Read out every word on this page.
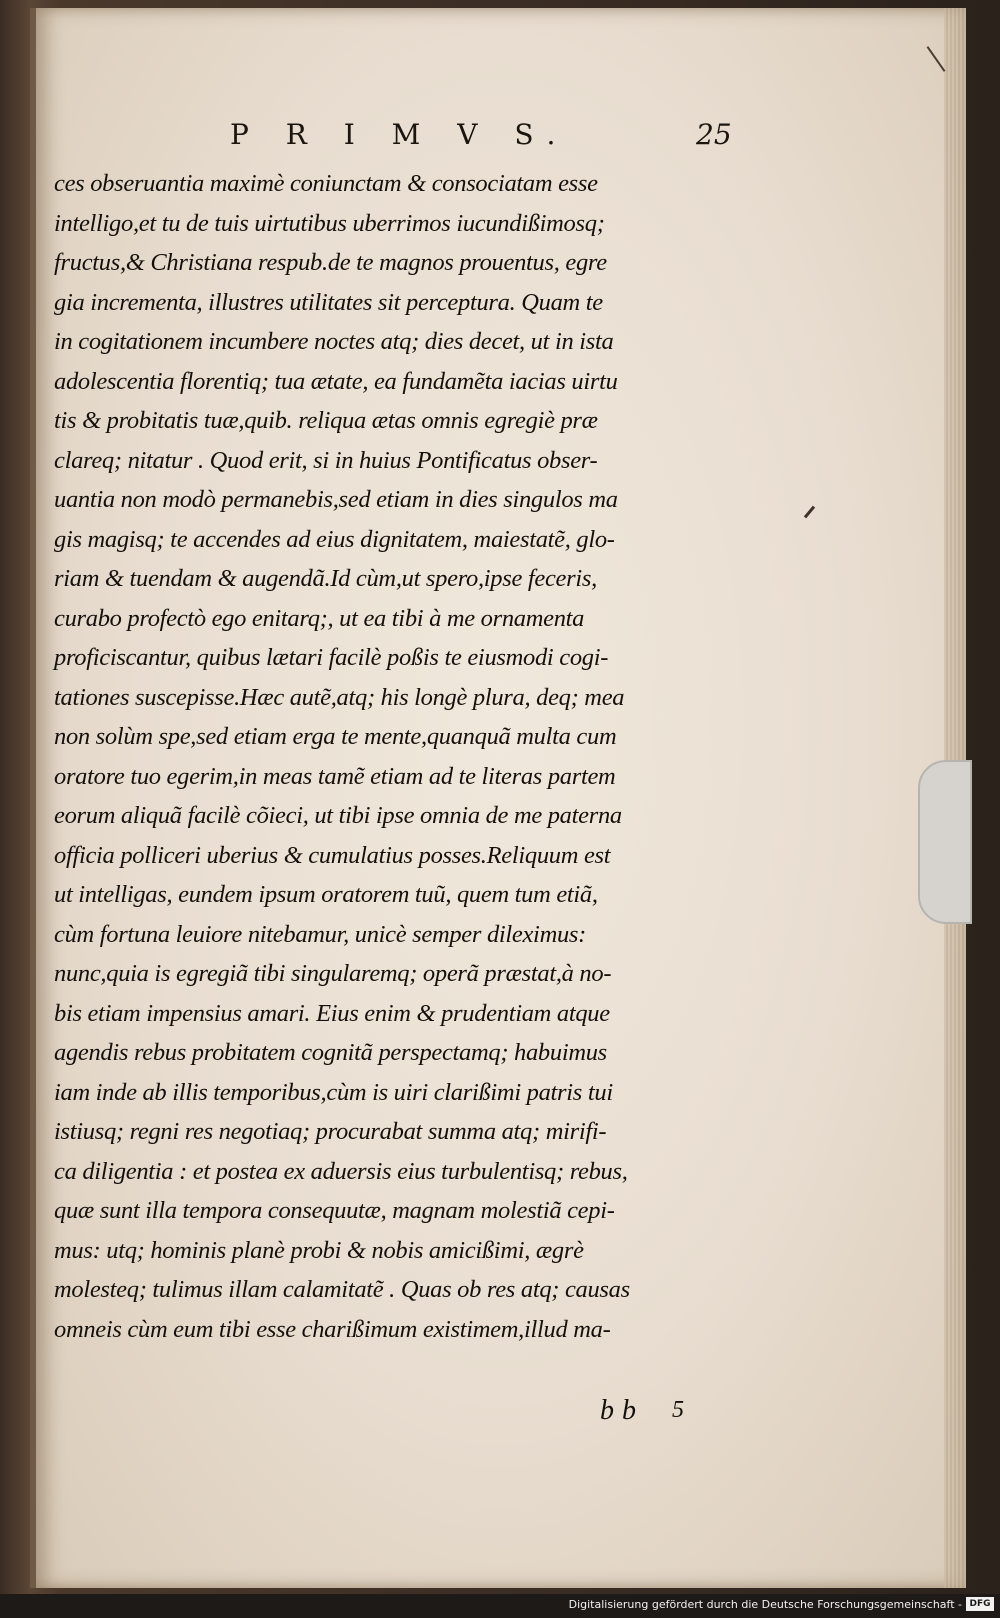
P R I M V S.	25
ces obseruantia maximè coniunctam & consociatam esse
intelligo,et tu de tuis uirtutibus uberrimos iucundißimosq;
fructus,& Christiana respub.de te magnos prouentus, egre
gia incrementa, illustres utilitates sit perceptura. Quam te
in cogitationem incumbere noctes atq; dies decet, ut in ista
adolescentia florentiq; tua ætate, ea fundamẽta iacias uirtu
tis & probitatis tuæ,quib. reliqua ætas omnis egregiè præ
clareq; nitatur . Quod erit, si in huius Pontificatus obser-
uantia non modò permanebis,sed etiam in dies singulos ma
gis magisq; te accendes ad eius dignitatem, maiestatẽ, glo-
riam & tuendam & augendã.Id cùm,ut spero,ipse feceris,
curabo profectò ego enitarq;, ut ea tibi à me ornamenta
proficiscantur, quibus lætari facilè poßis te eiusmodi cogi-
tationes suscepisse.Hæc autẽ,atq; his longè plura, deq; mea
non solùm spe,sed etiam erga te mente,quanquã multa cum
oratore tuo egerim,in meas tamẽ etiam ad te literas partem
eorum aliquã facilè cõieci, ut tibi ipse omnia de me paterna
officia polliceri uberius & cumulatius posses.Reliquum est
ut intelligas, eundem ipsum oratorem tuũ, quem tum etiã,
cùm fortuna leuiore nitebamur, unicè semper dileximus:
nunc,quia is egregiã tibi singularemq; operã præstat,à no-
bis etiam impensius amari. Eius enim & prudentiam atque
agendis rebus probitatem cognitã perspectamq; habuimus
iam inde ab illis temporibus,cùm is uiri clarißimi patris tui
istiusq; regni res negotiaq; procurabat summa atq; mirifi-
ca diligentia : et postea ex aduersis eius turbulentisq; rebus,
quæ sunt illa tempora consequutæ, magnam molestiã cepi-
mus: utq; hominis planè probi & nobis amicißimi, ægrè
molesteq; tulimus illam calamitatẽ . Quas ob res atq; causas
omneis cùm eum tibi esse charißimum existimem,illud ma-
bb 5
Digitalisierung gefördert durch die Deutsche Forschungsgemeinschaft - DFG
